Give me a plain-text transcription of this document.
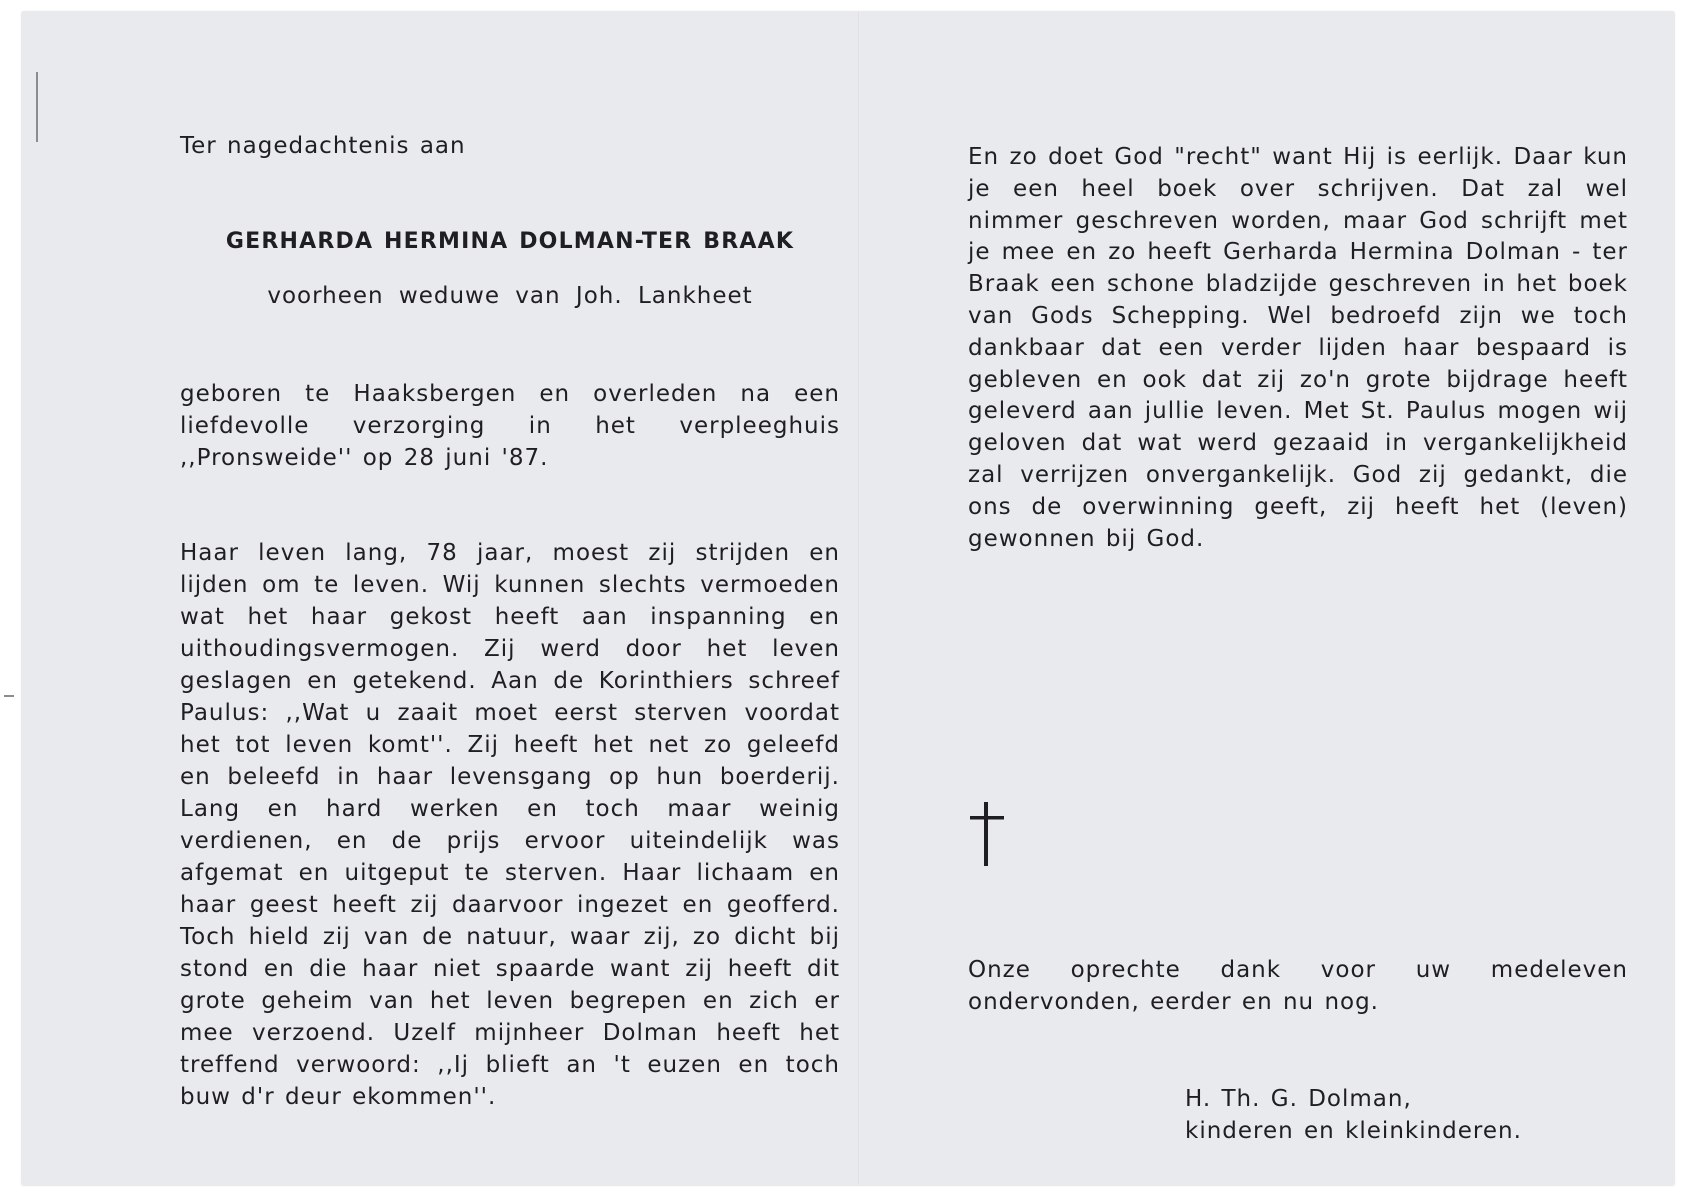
Ter nagedachtenis aan

GERHARDA HERMINA DOLMAN-TER BRAAK

voorheen weduwe van Joh. Lankheet

geboren te Haaksbergen en overleden na een liefdevolle verzorging in het verpleeghuis ,,Pronsweide'' op 28 juni '87.

Haar leven lang, 78 jaar, moest zij strijden en lijden om te leven. Wij kunnen slechts vermoeden wat het haar gekost heeft aan inspanning en uithoudingsvermogen. Zij werd door het leven geslagen en getekend. Aan de Korinthiers schreef Paulus: ,,Wat u zaait moet eerst sterven voordat het tot leven komt''. Zij heeft het net zo geleefd en beleefd in haar levensgang op hun boerderij. Lang en hard werken en toch maar weinig verdienen, en de prijs ervoor uiteindelijk was afgemat en uitgeput te sterven. Haar lichaam en haar geest heeft zij daarvoor ingezet en geofferd. Toch hield zij van de natuur, waar zij, zo dicht bij stond en die haar niet spaarde want zij heeft dit grote geheim van het leven begrepen en zich er mee verzoend. Uzelf mijnheer Dolman heeft het treffend verwoord: ,,Ij blieft an 't euzen en toch buw d'r deur ekommen''.

En zo doet God "recht" want Hij is eerlijk. Daar kun je een heel boek over schrijven. Dat zal wel nimmer geschreven worden, maar God schrijft met je mee en zo heeft Gerharda Hermina Dolman - ter Braak een schone bladzijde geschreven in het boek van Gods Schepping. Wel bedroefd zijn we toch dankbaar dat een verder lijden haar bespaard is gebleven en ook dat zij zo'n grote bijdrage heeft geleverd aan jullie leven. Met St. Paulus mogen wij geloven dat wat werd gezaaid in vergankelijkheid zal verrijzen onvergankelijk. God zij gedankt, die ons de overwinning geeft, zij heeft het (leven) gewonnen bij God.

Onze oprechte dank voor uw medeleven ondervonden, eerder en nu nog.

H. Th. G. Dolman,
kinderen en kleinkinderen.
